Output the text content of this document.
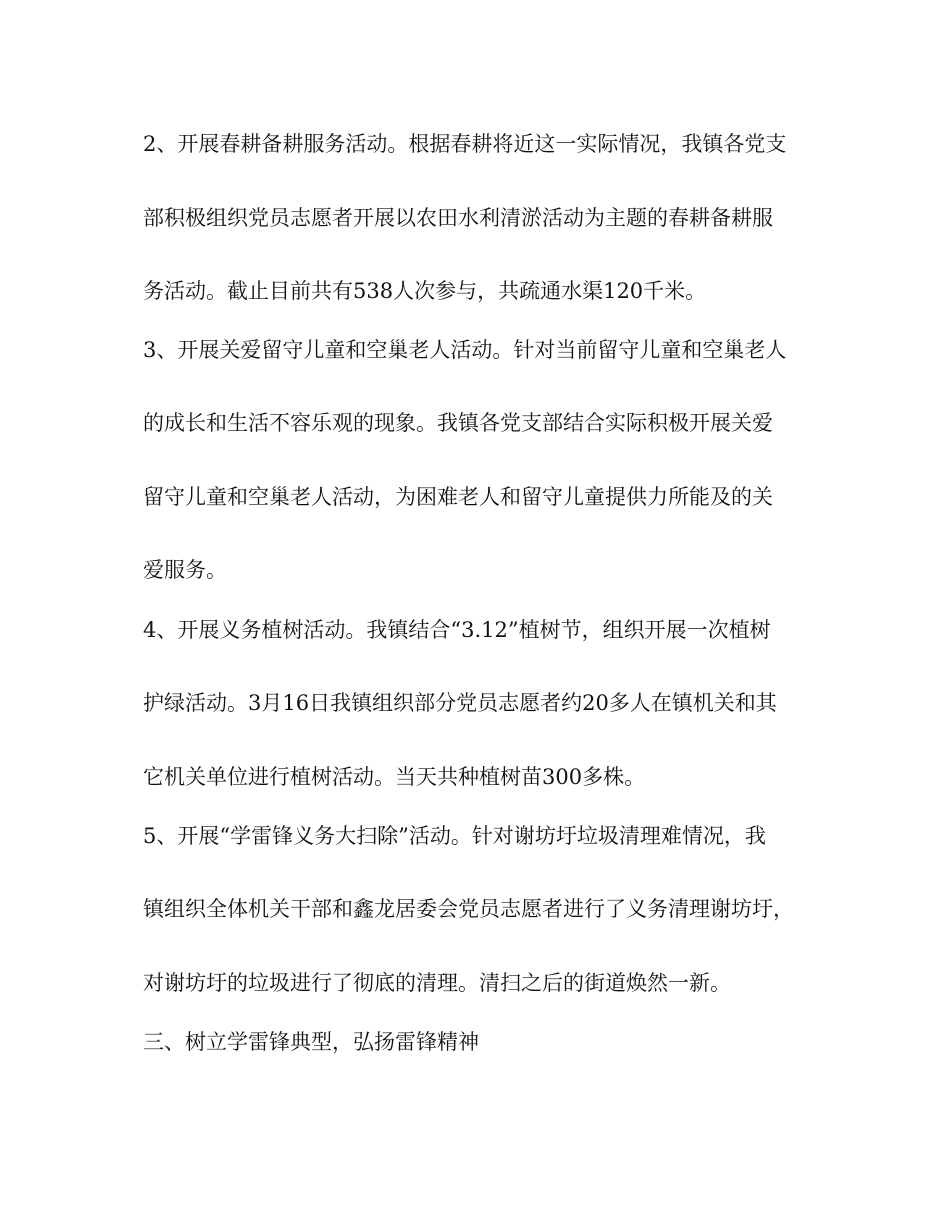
2、开展春耕备耕服务活动。根据春耕将近这一实际情况，我镇各党支
部积极组织党员志愿者开展以农田水利清淤活动为主题的春耕备耕服
务活动。截止目前共有538人次参与，共疏通水渠120千米。
3、开展关爱留守儿童和空巢老人活动。针对当前留守儿童和空巢老人
的成长和生活不容乐观的现象。我镇各党支部结合实际积极开展关爱
留守儿童和空巢老人活动，为困难老人和留守儿童提供力所能及的关
爱服务。
4、开展义务植树活动。我镇结合“3.12”植树节，组织开展一次植树
护绿活动。3月16日我镇组织部分党员志愿者约20多人在镇机关和其
它机关单位进行植树活动。当天共种植树苗300多株。
5、开展“学雷锋义务大扫除”活动。针对谢坊圩垃圾清理难情况，我
镇组织全体机关干部和鑫龙居委会党员志愿者进行了义务清理谢坊圩，
对谢坊圩的垃圾进行了彻底的清理。清扫之后的街道焕然一新。
三、树立学雷锋典型，弘扬雷锋精神
